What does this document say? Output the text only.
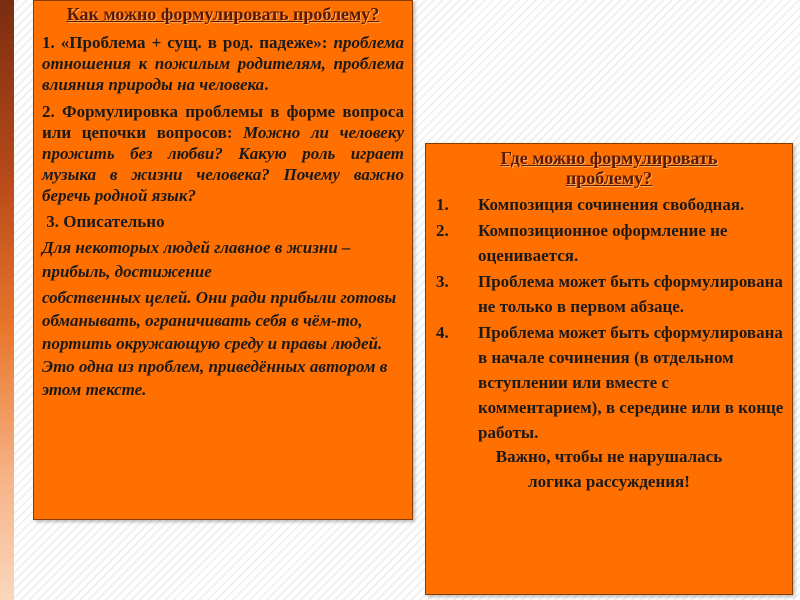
Как можно формулировать проблему?
1. «Проблема + сущ. в род. падеже»: проблема отношения к пожилым родителям, проблема влияния природы на человека.
2. Формулировка проблемы в форме вопроса или цепочки вопросов: Можно ли человеку прожить без любви? Какую роль играет музыка в жизни человека? Почему важно беречь родной язык?
3. Описательно
Для некоторых людей главное в жизни – прибыль, достижение
собственных целей. Они ради прибыли готовы обманывать, ограничивать себя в чём-то, портить окружающую среду и правы людей. Это одна из проблем, приведённых автором в этом тексте.
Где можно формулировать проблему?
1. Композиция сочинения свободная.
2. Композиционное оформление не оценивается.
3. Проблема может быть сформулирована не только в первом абзаце.
4. Проблема может быть сформулирована в начале сочинения (в отдельном вступлении или вместе с комментарием), в середине или в конце работы.
Важно, чтобы не нарушалась логика рассуждения!
